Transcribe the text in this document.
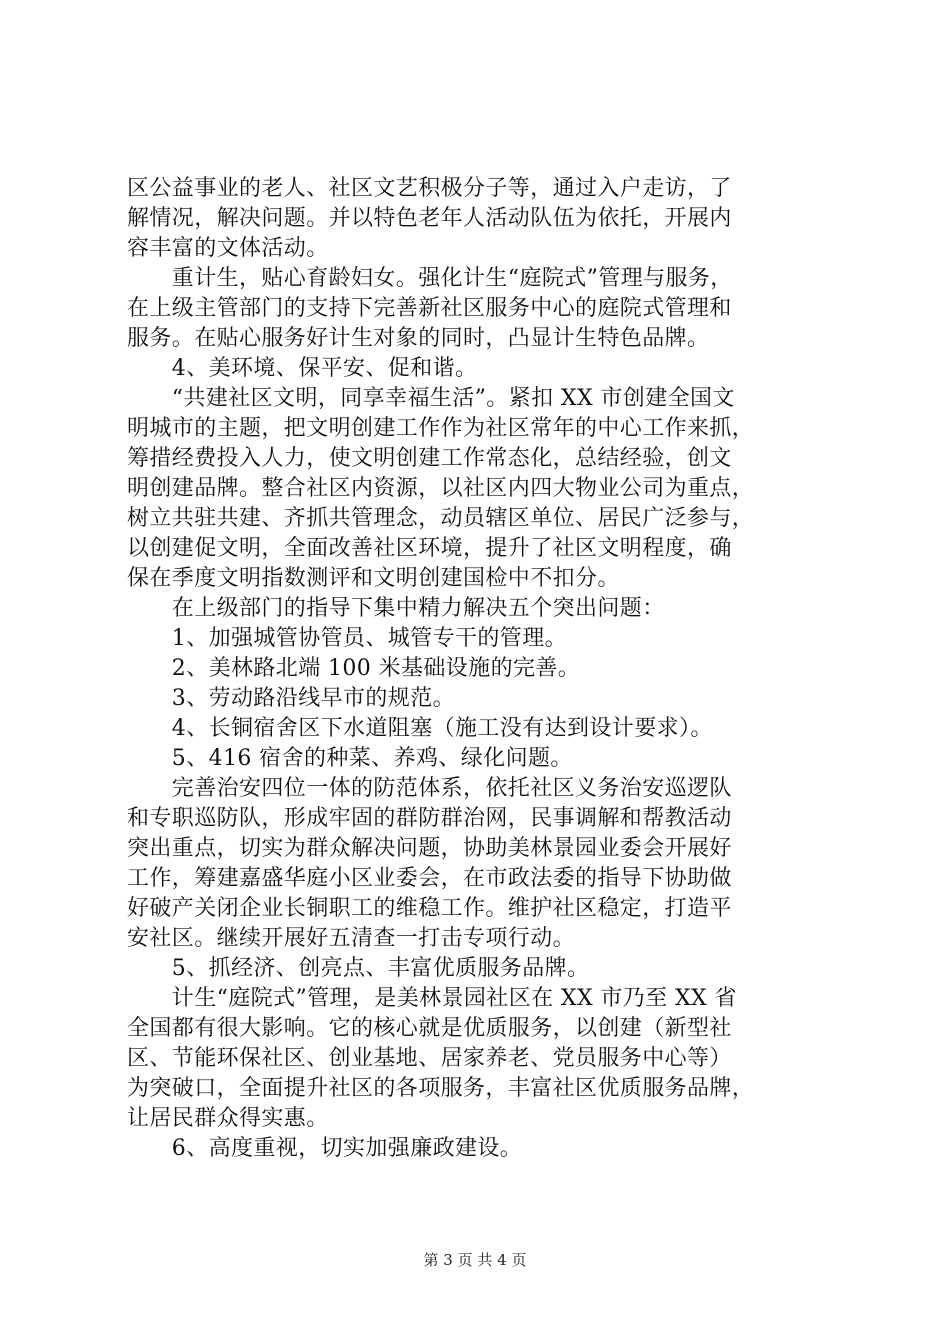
区公益事业的老人、社区文艺积极分子等，通过入户走访，了
解情况，解决问题。并以特色老年人活动队伍为依托，开展内
容丰富的文体活动。
　　重计生，贴心育龄妇女。强化计生“庭院式”管理与服务，
在上级主管部门的支持下完善新社区服务中心的庭院式管理和
服务。在贴心服务好计生对象的同时，凸显计生特色品牌。
　　4、美环境、保平安、促和谐。
　　“共建社区文明，同享幸福生活”。紧扣 XX 市创建全国文
明城市的主题，把文明创建工作作为社区常年的中心工作来抓，
筹措经费投入人力，使文明创建工作常态化，总结经验，创文
明创建品牌。整合社区内资源，以社区内四大物业公司为重点，
树立共驻共建、齐抓共管理念，动员辖区单位、居民广泛参与，
以创建促文明，全面改善社区环境，提升了社区文明程度，确
保在季度文明指数测评和文明创建国检中不扣分。
　　在上级部门的指导下集中精力解决五个突出问题：
　　1、加强城管协管员、城管专干的管理。
　　2、美林路北端 100 米基础设施的完善。
　　3、劳动路沿线早市的规范。
　　4、长铜宿舍区下水道阻塞（施工没有达到设计要求）。
　　5、416 宿舍的种菜、养鸡、绿化问题。
　　完善治安四位一体的防范体系，依托社区义务治安巡逻队
和专职巡防队，形成牢固的群防群治网，民事调解和帮教活动
突出重点，切实为群众解决问题，协助美林景园业委会开展好
工作，筹建嘉盛华庭小区业委会，在市政法委的指导下协助做
好破产关闭企业长铜职工的维稳工作。维护社区稳定，打造平
安社区。继续开展好五清查一打击专项行动。
　　5、抓经济、创亮点、丰富优质服务品牌。
　　计生“庭院式”管理，是美林景园社区在 XX 市乃至 XX 省
全国都有很大影响。它的核心就是优质服务，以创建（新型社
区、节能环保社区、创业基地、居家养老、党员服务中心等）
为突破口，全面提升社区的各项服务，丰富社区优质服务品牌，
让居民群众得实惠。
　　6、高度重视，切实加强廉政建设。
第 3 页 共 4 页
